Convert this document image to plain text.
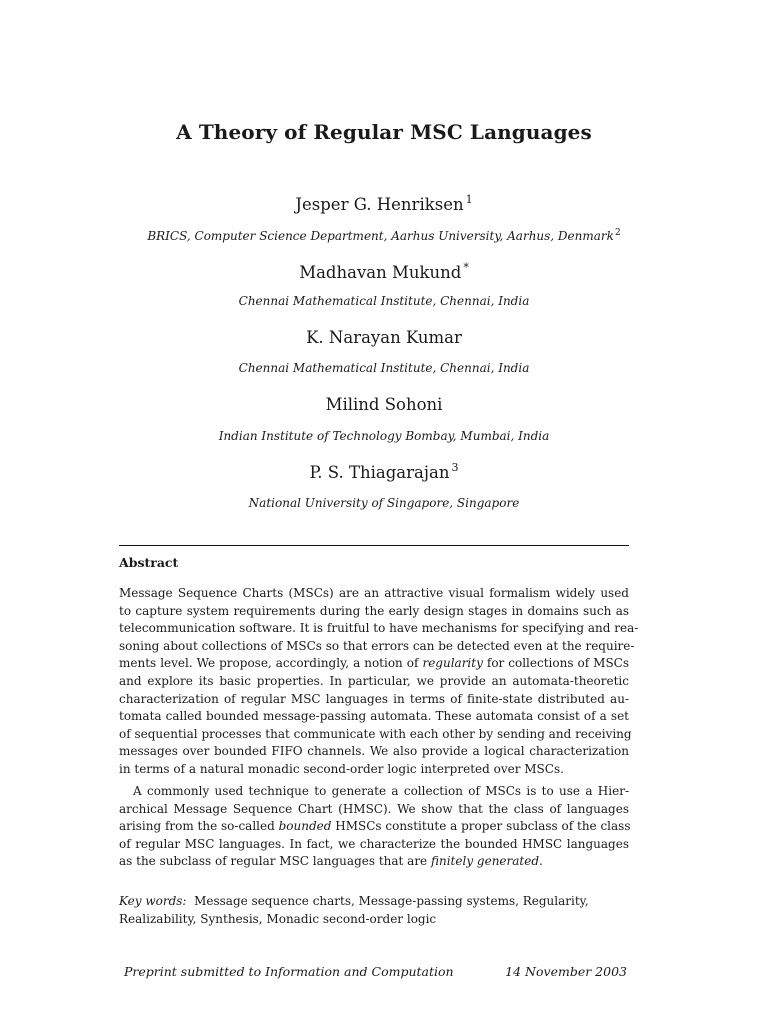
A Theory of Regular MSC Languages
Jesper G. Henriksen $^1$
BRICS, Computer Science Department, Aarhus University, Aarhus, Denmark$^2$
Madhavan Mukund *
Chennai Mathematical Institute, Chennai, India
K. Narayan Kumar
Chennai Mathematical Institute, Chennai, India
Milind Sohoni
Indian Institute of Technology Bombay, Mumbai, India
P. S. Thiagarajan $^3$
National University of Singapore, Singapore
Abstract
Message Sequence Charts (MSCs) are an attractive visual formalism widely used
to capture system requirements during the early design stages in domains such as
telecommunication software. It is fruitful to have mechanisms for specifying and rea-
soning about collections of MSCs so that errors can be detected even at the require-
ments level. We propose, accordingly, a notion of regularity for collections of MSCs
and explore its basic properties. In particular, we provide an automata-theoretic
characterization of regular MSC languages in terms of finite-state distributed au-
tomata called bounded message-passing automata. These automata consist of a set
of sequential processes that communicate with each other by sending and receiving
messages over bounded FIFO channels. We also provide a logical characterization
in terms of a natural monadic second-order logic interpreted over MSCs.
A commonly used technique to generate a collection of MSCs is to use a Hier-
archical Message Sequence Chart (HMSC). We show that the class of languages
arising from the so-called bounded HMSCs constitute a proper subclass of the class
of regular MSC languages. In fact, we characterize the bounded HMSC languages
as the subclass of regular MSC languages that are finitely generated.
Key words: Message sequence charts, Message-passing systems, Regularity,
Realizability, Synthesis, Monadic second-order logic
Preprint submitted to Information and Computation	14 November 2003
